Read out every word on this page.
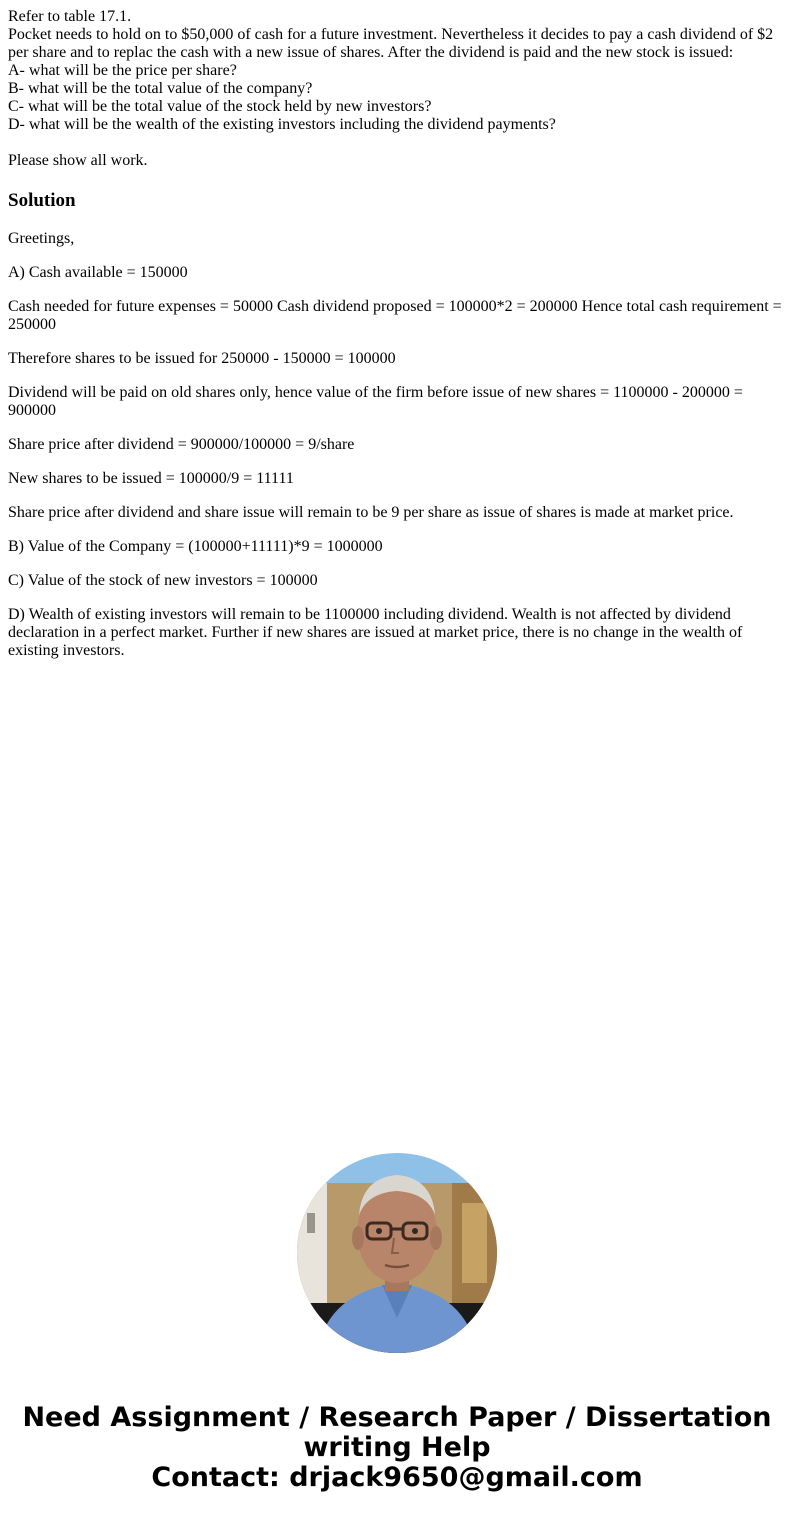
Refer to table 17.1.
Pocket needs to hold on to $50,000 of cash for a future investment. Nevertheless it decides to pay a cash dividend of $2 per share and to replac the cash with a new issue of shares. After the dividend is paid and the new stock is issued:
A- what will be the price per share?
B- what will be the total value of the company?
C- what will be the total value of the stock held by new investors?
D- what will be the wealth of the existing investors including the dividend payments?

Please show all work.

Solution

Greetings,

A) Cash available = 150000

Cash needed for future expenses = 50000 Cash dividend proposed = 100000*2 = 200000 Hence total cash requirement = 250000

Therefore shares to be issued for 250000 - 150000 = 100000

Dividend will be paid on old shares only, hence value of the firm before issue of new shares = 1100000 - 200000 = 900000

Share price after dividend = 900000/100000 = 9/share

New shares to be issued = 100000/9 = 11111

Share price after dividend and share issue will remain to be 9 per share as issue of shares is made at market price.

B) Value of the Company = (100000+11111)*9 = 1000000

C) Value of the stock of new investors = 100000

D) Wealth of existing investors will remain to be 1100000 including dividend. Wealth is not affected by dividend declaration in a perfect market. Further if new shares are issued at market price, there is no change in the wealth of existing investors.

Need Assignment / Research Paper / Dissertation
writing Help
Contact: drjack9650@gmail.com
